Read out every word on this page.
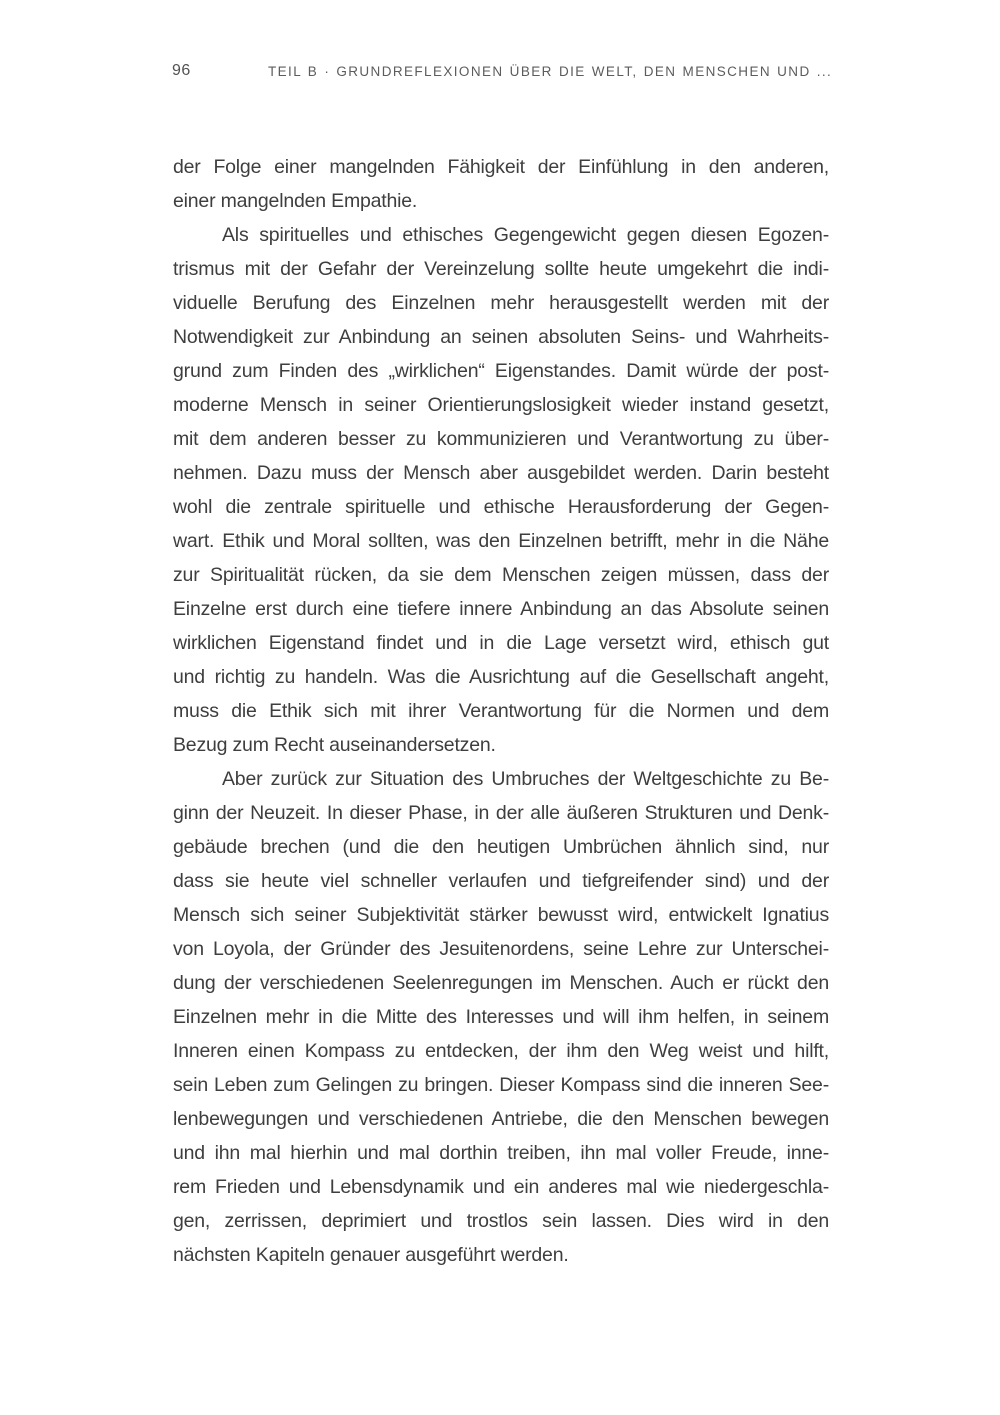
96	TEIL B · GRUNDREFLEXIONEN ÜBER DIE WELT, DEN MENSCHEN UND ...
der Folge einer mangelnden Fähigkeit der Einfühlung in den anderen,
einer mangelnden Empathie.
Als spirituelles und ethisches Gegengewicht gegen diesen Egozen-
trismus mit der Gefahr der Vereinzelung sollte heute umgekehrt die indi-
viduelle Berufung des Einzelnen mehr herausgestellt werden mit der
Notwendigkeit zur Anbindung an seinen absoluten Seins- und Wahrheits-
grund zum Finden des „wirklichen“ Eigenstandes. Damit würde der post-
moderne Mensch in seiner Orientierungslosigkeit wieder instand gesetzt,
mit dem anderen besser zu kommunizieren und Verantwortung zu über-
nehmen. Dazu muss der Mensch aber ausgebildet werden. Darin besteht
wohl die zentrale spirituelle und ethische Herausforderung der Gegen-
wart. Ethik und Moral sollten, was den Einzelnen betrifft, mehr in die Nähe
zur Spiritualität rücken, da sie dem Menschen zeigen müssen, dass der
Einzelne erst durch eine tiefere innere Anbindung an das Absolute seinen
wirklichen Eigenstand findet und in die Lage versetzt wird, ethisch gut
und richtig zu handeln. Was die Ausrichtung auf die Gesellschaft angeht,
muss die Ethik sich mit ihrer Verantwortung für die Normen und dem
Bezug zum Recht auseinandersetzen.
Aber zurück zur Situation des Umbruches der Weltgeschichte zu Be-
ginn der Neuzeit. In dieser Phase, in der alle äußeren Strukturen und Denk-
gebäude brechen (und die den heutigen Umbrüchen ähnlich sind, nur
dass sie heute viel schneller verlaufen und tiefgreifender sind) und der
Mensch sich seiner Subjektivität stärker bewusst wird, entwickelt Ignatius
von Loyola, der Gründer des Jesuitenordens, seine Lehre zur Unterschei-
dung der verschiedenen Seelenregungen im Menschen. Auch er rückt den
Einzelnen mehr in die Mitte des Interesses und will ihm helfen, in seinem
Inneren einen Kompass zu entdecken, der ihm den Weg weist und hilft,
sein Leben zum Gelingen zu bringen. Dieser Kompass sind die inneren See-
lenbewegungen und verschiedenen Antriebe, die den Menschen bewegen
und ihn mal hierhin und mal dorthin treiben, ihn mal voller Freude, inne-
rem Frieden und Lebensdynamik und ein anderes mal wie niedergeschla-
gen, zerrissen, deprimiert und trostlos sein lassen. Dies wird in den
nächsten Kapiteln genauer ausgeführt werden.
